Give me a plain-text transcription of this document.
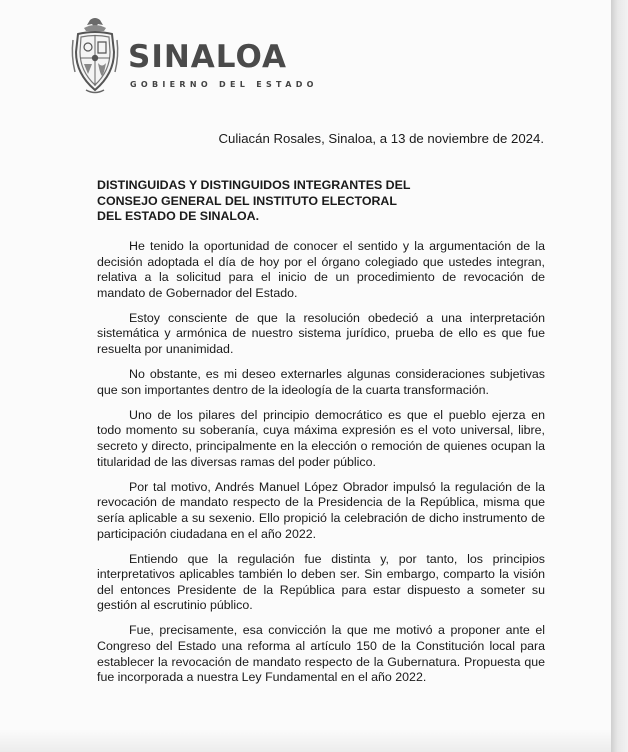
SINALOA
GOBIERNO DEL ESTADO
Culiacán Rosales, Sinaloa, a 13 de noviembre de 2024.
DISTINGUIDAS Y DISTINGUIDOS INTEGRANTES DEL
CONSEJO GENERAL DEL INSTITUTO ELECTORAL
DEL ESTADO DE SINALOA.

He tenido la oportunidad de conocer el sentido y la argumentación de la decisión adoptada el día de hoy por el órgano colegiado que ustedes integran, relativa a la solicitud para el inicio de un procedimiento de revocación de mandato de Gobernador del Estado.

Estoy consciente de que la resolución obedeció a una interpretación sistemática y armónica de nuestro sistema jurídico, prueba de ello es que fue resuelta por unanimidad.

No obstante, es mi deseo externarles algunas consideraciones subjetivas que son importantes dentro de la ideología de la cuarta transformación.

Uno de los pilares del principio democrático es que el pueblo ejerza en todo momento su soberanía, cuya máxima expresión es el voto universal, libre, secreto y directo, principalmente en la elección o remoción de quienes ocupan la titularidad de las diversas ramas del poder público.

Por tal motivo, Andrés Manuel López Obrador impulsó la regulación de la revocación de mandato respecto de la Presidencia de la República, misma que sería aplicable a su sexenio. Ello propició la celebración de dicho instrumento de participación ciudadana en el año 2022.

Entiendo que la regulación fue distinta y, por tanto, los principios interpretativos aplicables también lo deben ser. Sin embargo, comparto la visión del entonces Presidente de la República para estar dispuesto a someter su gestión al escrutinio público.

Fue, precisamente, esa convicción la que me motivó a proponer ante el Congreso del Estado una reforma al artículo 150 de la Constitución local para establecer la revocación de mandato respecto de la Gubernatura. Propuesta que fue incorporada a nuestra Ley Fundamental en el año 2022.
